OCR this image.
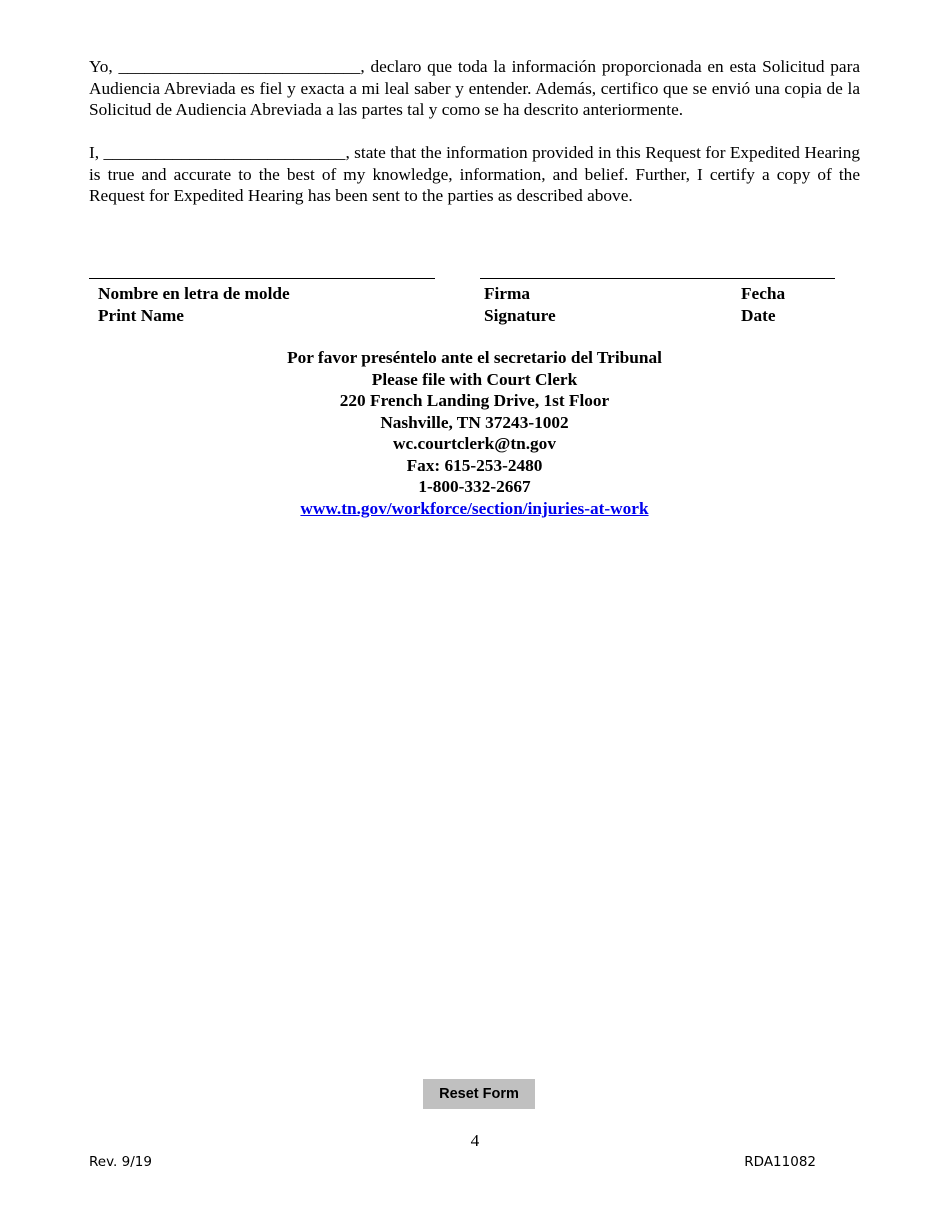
Yo, ____________________________, declaro que toda la información proporcionada en esta Solicitud para Audiencia Abreviada es fiel y exacta a mi leal saber y entender. Además, certifico que se envió una copia de la Solicitud de Audiencia Abreviada a las partes tal y como se ha descrito anteriormente.

I, ____________________________, state that the information provided in this Request for Expedited Hearing is true and accurate to the best of my knowledge, information, and belief. Further, I certify a copy of the Request for Expedited Hearing has been sent to the parties as described above.

Nombre en letra de molde

Print Name

Firma

Signature

Fecha

Date

Por favor preséntelo ante el secretario del Tribunal
Please file with Court Clerk
220 French Landing Drive, 1st Floor
Nashville, TN 37243-1002
wc.courtclerk@tn.gov
Fax: 615-253-2480
1-800-332-2667
www.tn.gov/workforce/section/injuries-at-work
Reset Form
4
Rev. 9/19	RDA11082
